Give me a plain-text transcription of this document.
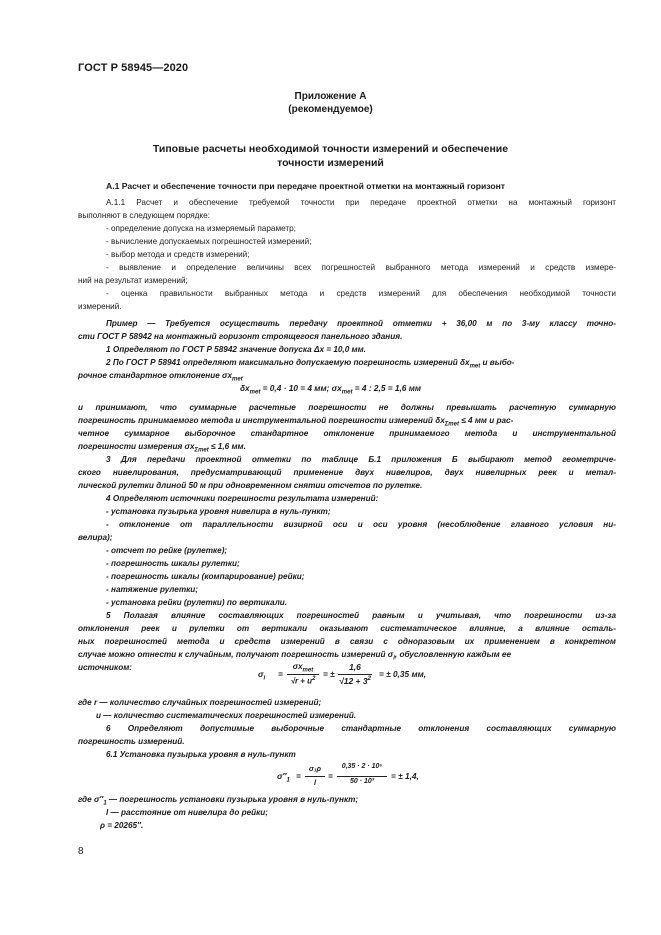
ГОСТ Р 58945—2020
Приложение А
(рекомендуемое)
Типовые расчеты необходимой точности измерений и обеспечение
точности измерений
А.1 Расчет и обеспечение точности при передаче проектной отметки на монтажный горизонт
А.1.1 Расчет и обеспечение требуемой точности при передаче проектной отметки на монтажный горизонт
выполняют в следующем порядке:
- определение допуска на измеряемый параметр;
- вычисление допускаемых погрешностей измерений;
- выбор метода и средств измерений;
- выявление и определение величины всех погрешностей выбранного метода измерений и средств измере-
ний на результат измерений;
- оценка правильности выбранных метода и средств измерений для обеспечения необходимой точности
измерений.
Пример — Требуется осуществить передачу проектной отметки + 36,00 м по 3-му классу точно-
сти ГОСТ Р 58942 на монтажный горизонт строящегося панельного здания.
1 Определяют по ГОСТ Р 58942 значение допуска Δх = 10,0 мм.
2 По ГОСТ Р 58941 определяют максимально допускаемую погрешность измерений $\delta x_{met}$ и выбо-
рочное стандартное отклонение $\sigma x_{met}$
$\delta x_{met} = 0,4 \cdot 10 = 4$ мм; $\sigma x_{met} = 4$ : 2,5 = 1,6 мм
и принимают, что суммарные расчетные погрешности не должны превышать расчетную суммарную
погрешность принимаемого метода и инструментальной погрешности измерений $\delta x_{\Sigma met} \le 4$ мм и рас-
четное суммарное выборочное стандартное отклонение принимаемого метода и инструментальной
погрешности измерения $\sigma x_{\Sigma met} \le 1,6$ мм.
3 Для передачи проектной отметки по таблице Б.1 приложения Б выбирают метод геометриче-
ского нивелирования, предусматривающий применение двух нивелиров, двух нивелирных реек и метал-
лической рулетки длиной 50 м при одновременном снятии отсчетов по рулетке.
4 Определяют источники погрешности результата измерений:
- установка пузырька уровня нивелира в нуль-пункт;
- отклонение от параллельности визирной оси и оси уровня (несоблюдение главного условия ни-
велира);
- отсчет по рейке (рулетке);
- погрешность шкалы рулетки;
- погрешность шкалы (компарирование) рейки;
- натяжение рулетки;
- установка рейки (рулетки) по вертикали.
5 Полагая влияние составляющих погрешностей равным и учитывая, что погрешности из-за
отклонения реек и рулетки от вертикали оказывают систематическое влияние, а влияние осталь-
ных погрешностей метода и средств измерений в связи с одноразовым их применением в конкретном
случае можно отнести к случайным, получают погрешность измерений $\sigma_i$, обусловленную каждым ее
источником:
$\sigma_i$ =
$\sigma x_{met}$
$√r + u^2$ = ±
1,6
$√12 + 3^2$
= ± 0,35 мм,
где r — количество случайных погрешностей измерений;
u — количество систематических погрешностей измерений.
6 Определяют допустимые выборочные стандартные отклонения составляющих суммарную
погрешность измерений.
6.1 Установка пузырька уровня в нуль-пункт
$\sigma''_1$ =
σ₁ρ
l
=
0,35 · 2 · 10⁵
50 · 10³
= ± 1,4,
где $\sigma''_1$ — погрешность установки пузырька уровня в нуль-пункт;
l — расстояние от нивелира до рейки;
ρ = 20265″.
8
